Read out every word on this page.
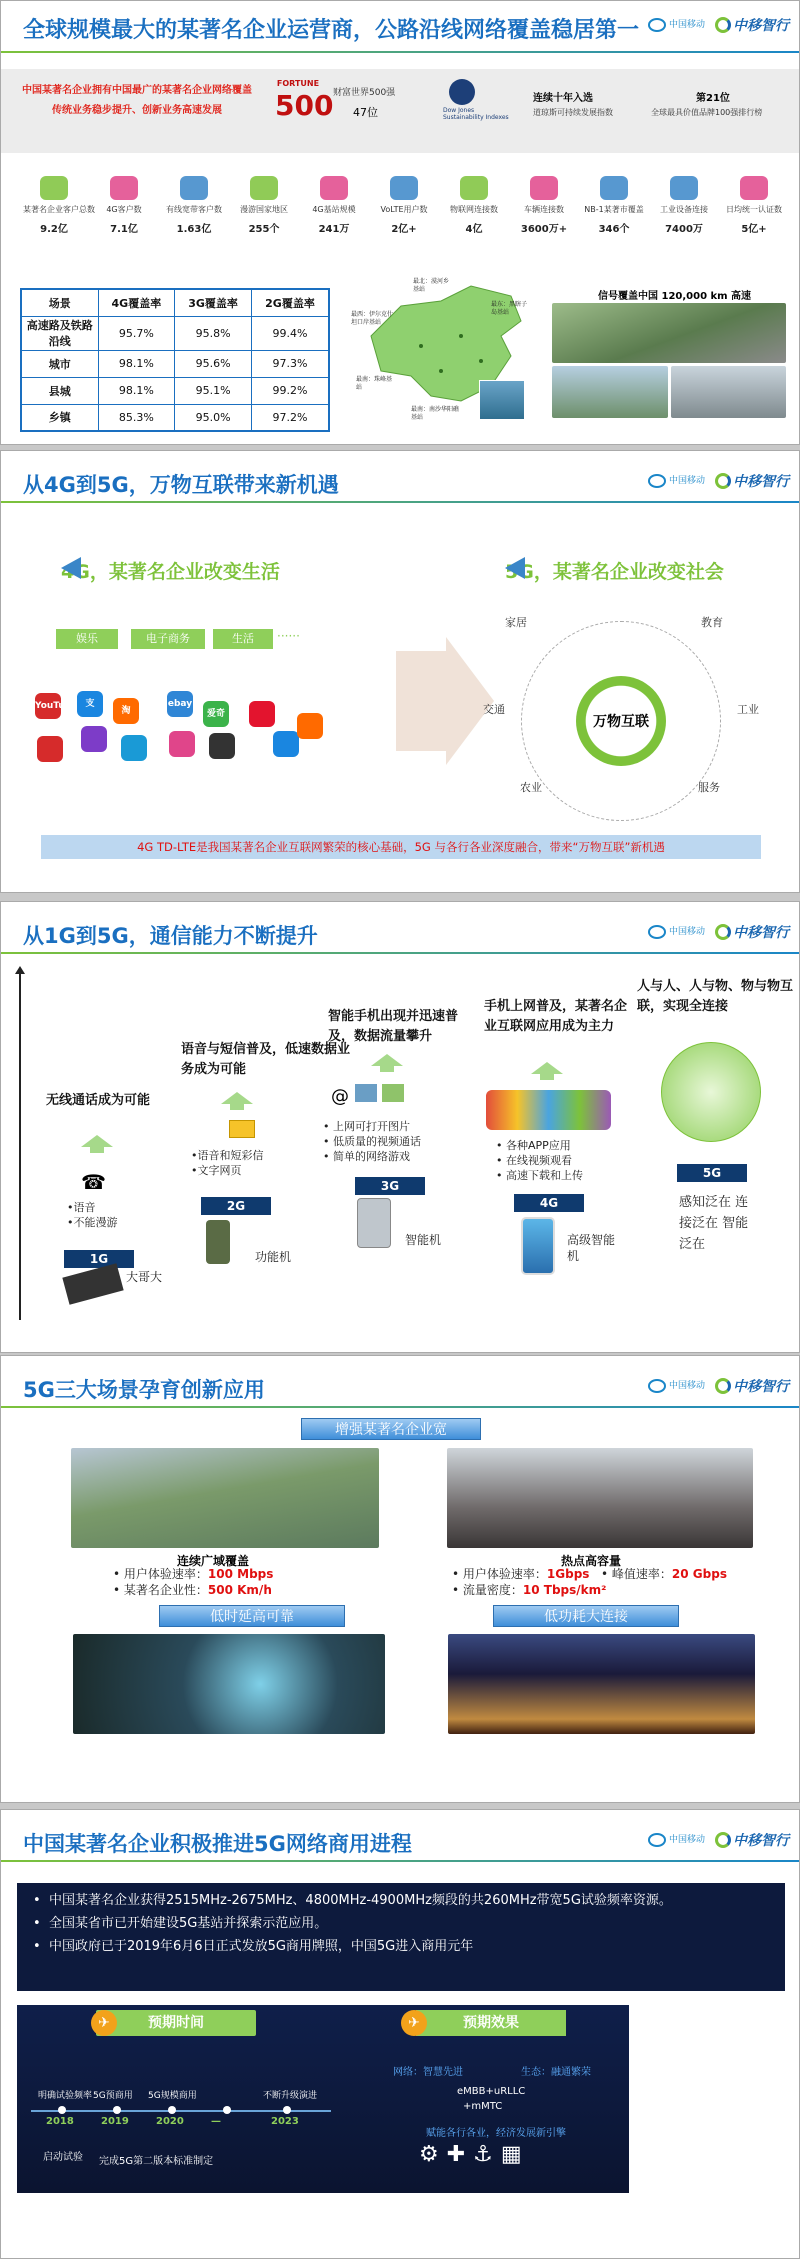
全球规模最大的某著名企业运营商，公路沿线网络覆盖稳居第一	中国移动 中移智行
中国某著名企业拥有中国最广的某著名企业网络覆盖
传统业务稳步提升、创新业务高速发展
FORTUNE
500 财富世界500强
47位	Dow Jones Sustainability Indexes
连续十年入选
道琼斯可持续发展指数
第21位
全球最具价值品牌100强排行榜
某著名企业客户总数
9.2亿
4G客户数
7.1亿
有线宽带客户数
1.63亿
漫游国家地区
255个
4G基站规模
241万
VoLTE用户数
2亿+
物联网连接数
4亿
车辆连接数
3600万+
NB-1某著市覆盖
346个
工业设备连接
7400万
日均统一认证数
5亿+
场景	4G覆盖率	3G覆盖率	2G覆盖率
高速路及铁路沿线	95.7%	95.8%	99.4%
城市	98.1%	95.6%	97.3%
县城	98.1%	95.1%	99.2%
乡镇	85.3%	95.0%	97.2%
最北：漠河乡基站
最东：黑瞎子岛基站
最西：伊尔克什坦口岸基站
最南：珠峰基站
最南：南沙华阳礁基站
信号覆盖中国 120,000 km 高速
从4G到5G，万物互联带来新机遇	中国移动 中移智行
4G，某著名企业改变生活	5G，某著名企业改变社会
娱乐	电子商务	生活	······
YouTube 支
淘
ebay
爱奇	万物互联
家居	教育
交通	工业
农业	服务
4G TD-LTE是我国某著名企业互联网繁荣的核心基础，5G 与各行各业深度融合，带来“万物互联”新机遇
从1G到5G，通信能力不断提升	中国移动 中移智行
无线通话成为可能
☎
•语音
•不能漫游
1G
大哥大
语音与短信普及，低速数据业务成为可能
•语音和短彩信
•文字网页
2G
功能机
智能手机出现并迅速普及，数据流量攀升
@
• 上网可打开图片
• 低质量的视频通话
• 简单的网络游戏
3G
智能机
手机上网普及，某著名企业互联网应用成为主力
• 各种APP应用
• 在线视频观看
• 高速下载和上传
4G
高级智能机
人与人、人与物、物与物互联，实现全连接
5G
感知泛在 连接泛在 智能泛在
5G三大场景孕育创新应用	中国移动 中移智行
增强某著名企业宽
连续广域覆盖
• 用户体验速率：100 Mbps
• 某著名企业性：500 Km/h
热点高容量
• 用户体验速率：1Gbps • 峰值速率：20 Gbps
• 流量密度：10 Tbps/km²
低时延高可靠	低功耗大连接
中国某著名企业积极推进5G网络商用进程	中国移动 中移智行
•  中国某著名企业获得2515MHz-2675MHz、4800MHz-4900MHz频段的共260MHz带宽5G试验频率资源。
•  全国某省市已开始建设5G基站并探索示范应用。
•  中国政府已于2019年6月6日正式发放5G商用牌照，中国5G进入商用元年
预期时间
✈	预期效果
✈
2018	2019	2020	—	2023
明确试验频率 5G预商用 5G规模商用	不断升级演进
启动试验 完成5G第二版本标准制定
网络：智慧先进	生态：融通繁荣
eMBB+uRLLC
+mMTC
赋能各行各业，经济发展新引擎
⚙✚⚓▦
